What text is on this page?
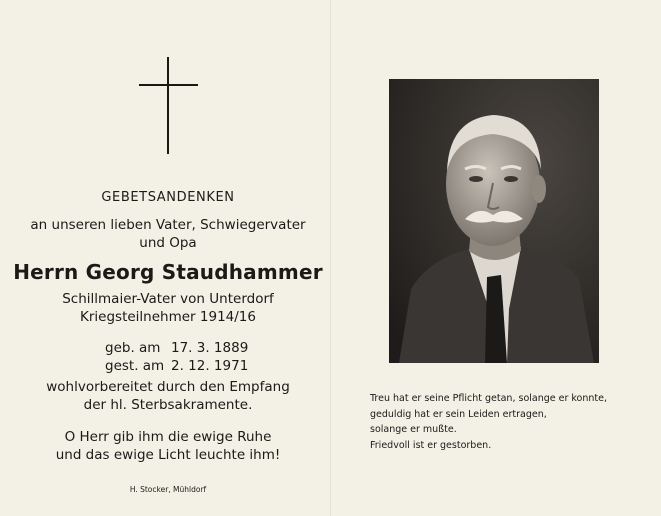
GEBETSANDENKEN
an unseren lieben Vater, Schwiegervater
und Opa
Herrn Georg Staudhammer
Schillmaier-Vater von Unterdorf
Kriegsteilnehmer 1914/16
geb. am 17. 3. 1889
gest. am 2. 12. 1971
wohlvorbereitet durch den Empfang
der hl. Sterbsakramente.
O Herr gib ihm die ewige Ruhe
und das ewige Licht leuchte ihm!
H. Stocker, Mühldorf
Treu hat er seine Pflicht getan, solange er konnte,
geduldig hat er sein Leiden ertragen,
solange er mußte.
Friedvoll ist er gestorben.
